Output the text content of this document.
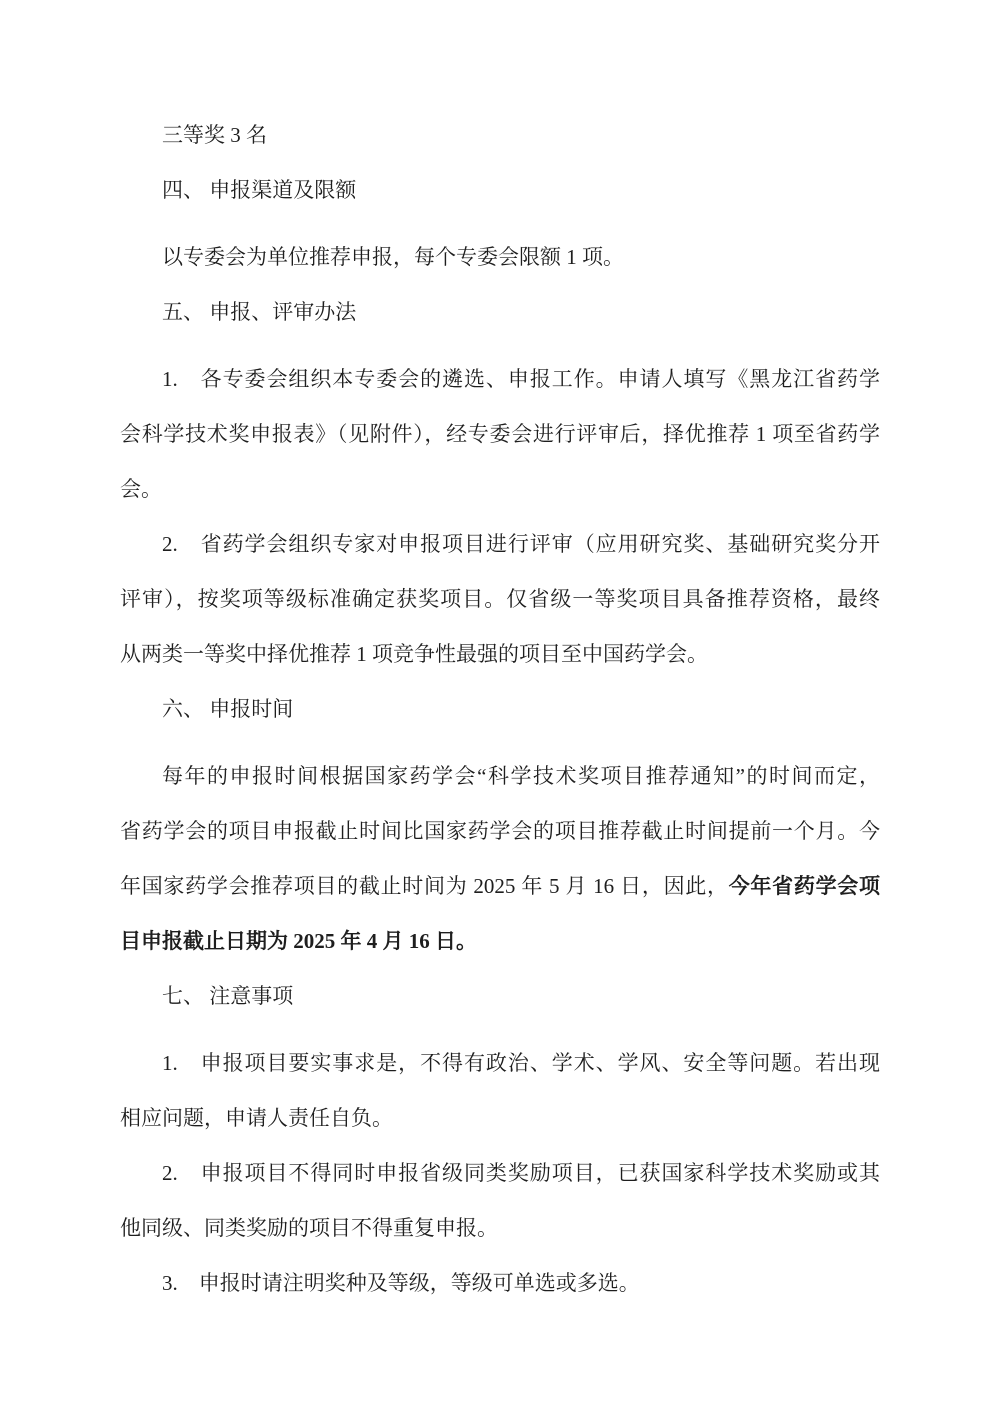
三等奖 3 名
四、 申报渠道及限额
以专委会为单位推荐申报，每个专委会限额 1 项。
五、 申报、评审办法
1.　各专委会组织本专委会的遴选、申报工作。申请人填写《黑龙江省药学
会科学技术奖申报表》（见附件），经专委会进行评审后，择优推荐 1 项至省药学
会。
2.　省药学会组织专家对申报项目进行评审（应用研究奖、基础研究奖分开
评审），按奖项等级标准确定获奖项目。仅省级一等奖项目具备推荐资格，最终
从两类一等奖中择优推荐 1 项竞争性最强的项目至中国药学会。
六、 申报时间
每年的申报时间根据国家药学会“科学技术奖项目推荐通知”的时间而定，
省药学会的项目申报截止时间比国家药学会的项目推荐截止时间提前一个月。今
年国家药学会推荐项目的截止时间为 2025 年 5 月 16 日，因此，今年省药学会项
目申报截止日期为 2025 年 4 月 16 日。
七、 注意事项
1.　申报项目要实事求是，不得有政治、学术、学风、安全等问题。若出现
相应问题，申请人责任自负。
2.　申报项目不得同时申报省级同类奖励项目，已获国家科学技术奖励或其
他同级、同类奖励的项目不得重复申报。
3.　申报时请注明奖种及等级，等级可单选或多选。
